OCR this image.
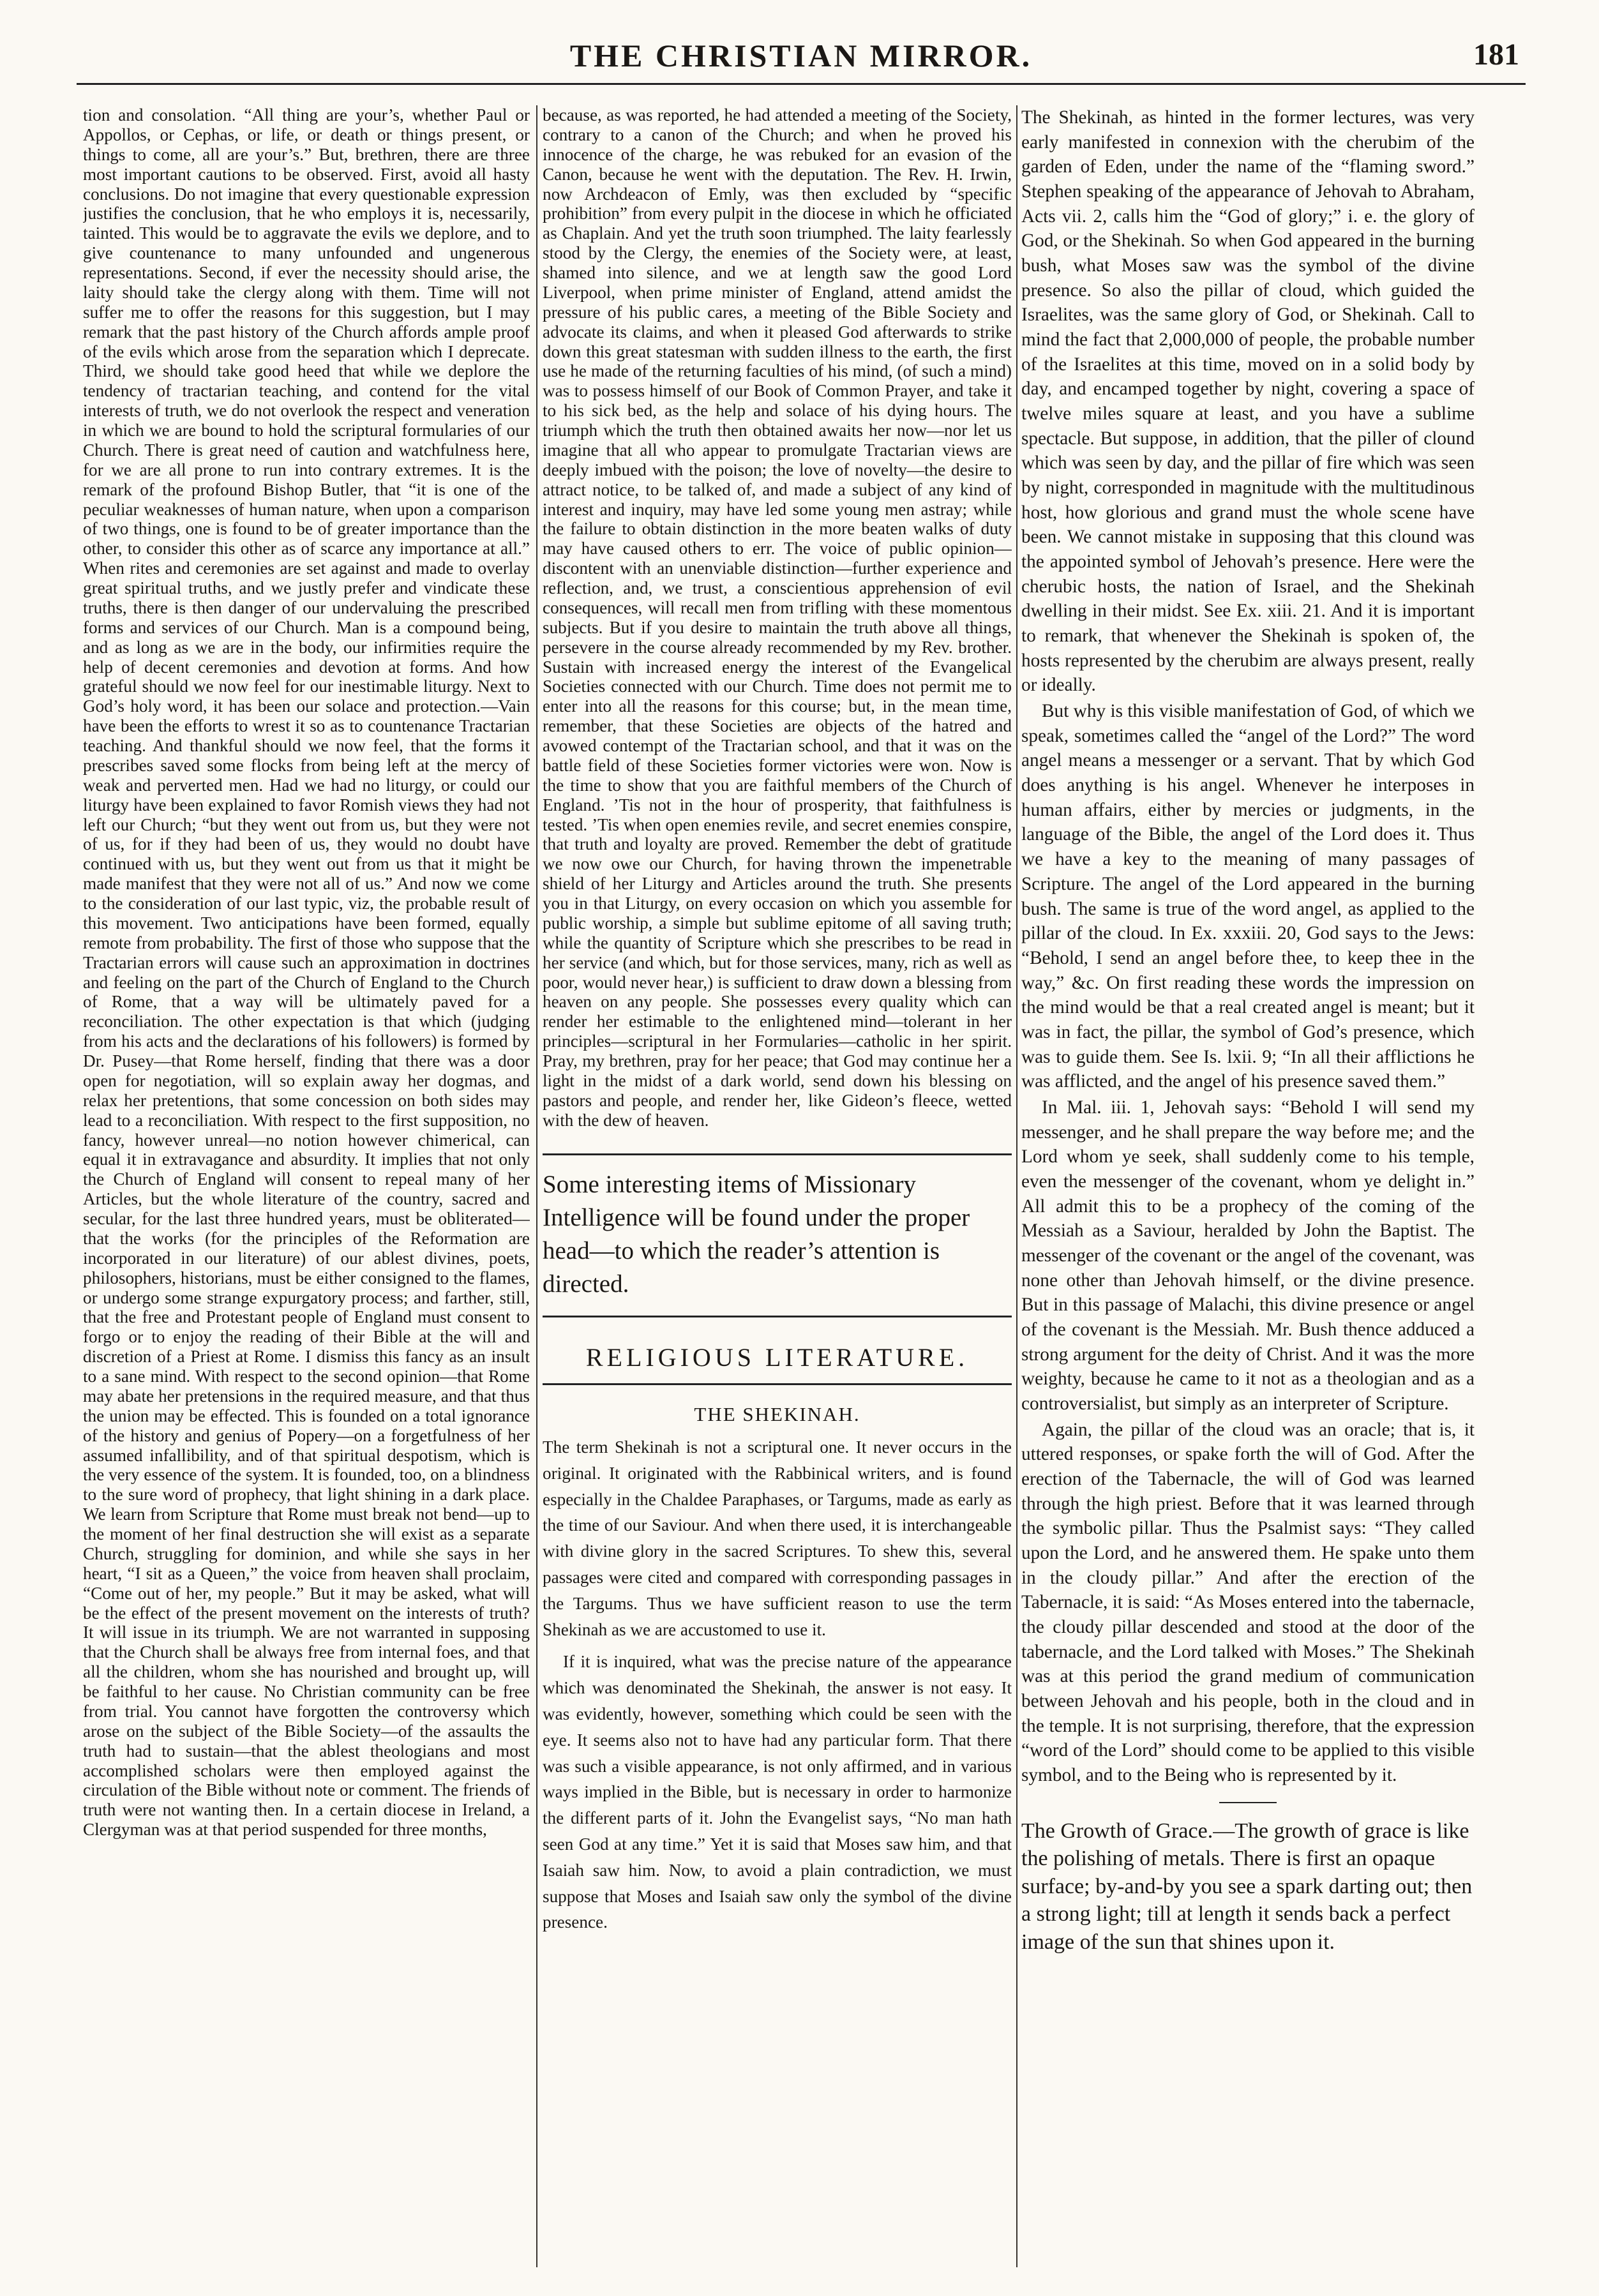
THE CHRISTIAN MIRROR.	181

tion and consolation. “All thing are your’s, whether Paul or Appollos, or Cephas, or life, or death or things present, or things to come, all are your’s.” But, brethren, there are three most important cautions to be observed. First, avoid all hasty conclusions. Do not imagine that every questionable expression justifies the conclusion, that he who employs it is, necessarily, tainted. This would be to aggravate the evils we deplore, and to give countenance to many unfounded and ungenerous representations. Second, if ever the necessity should arise, the laity should take the clergy along with them. Time will not suffer me to offer the reasons for this suggestion, but I may remark that the past history of the Church affords ample proof of the evils which arose from the separation which I deprecate. Third, we should take good heed that while we deplore the tendency of tractarian teaching, and contend for the vital interests of truth, we do not overlook the respect and veneration in which we are bound to hold the scriptural formularies of our Church. There is great need of caution and watchfulness here, for we are all prone to run into contrary extremes. It is the remark of the profound Bishop Butler, that “it is one of the peculiar weaknesses of human nature, when upon a comparison of two things, one is found to be of greater importance than the other, to consider this other as of scarce any importance at all.” When rites and ceremonies are set against and made to overlay great spiritual truths, and we justly prefer and vindicate these truths, there is then danger of our undervaluing the prescribed forms and services of our Church. Man is a compound being, and as long as we are in the body, our infirmities require the help of decent ceremonies and devotion at forms. And how grateful should we now feel for our inestimable liturgy. Next to God’s holy word, it has been our solace and protection.—Vain have been the efforts to wrest it so as to countenance Tractarian teaching. And thankful should we now feel, that the forms it prescribes saved some flocks from being left at the mercy of weak and perverted men. Had we had no liturgy, or could our liturgy have been explained to favor Romish views they had not left our Church; “but they went out from us, but they were not of us, for if they had been of us, they would no doubt have continued with us, but they went out from us that it might be made manifest that they were not all of us.” And now we come to the consideration of our last typic, viz, the probable result of this movement. Two anticipations have been formed, equally remote from probability. The first of those who suppose that the Tractarian errors will cause such an approximation in doctrines and feeling on the part of the Church of England to the Church of Rome, that a way will be ultimately paved for a reconciliation. The other expectation is that which (judging from his acts and the declarations of his followers) is formed by Dr. Pusey—that Rome herself, finding that there was a door open for negotiation, will so explain away her dogmas, and relax her pretentions, that some concession on both sides may lead to a reconciliation. With respect to the first supposition, no fancy, however unreal—no notion however chimerical, can equal it in extravagance and absurdity. It implies that not only the Church of England will consent to repeal many of her Articles, but the whole literature of the country, sacred and secular, for the last three hundred years, must be obliterated—that the works (for the principles of the Reformation are incorporated in our literature) of our ablest divines, poets, philosophers, historians, must be either consigned to the flames, or undergo some strange expurgatory process; and farther, still, that the free and Protestant people of England must consent to forgo or to enjoy the reading of their Bible at the will and discretion of a Priest at Rome. I dismiss this fancy as an insult to a sane mind. With respect to the second opinion—that Rome may abate her pretensions in the required measure, and that thus the union may be effected. This is founded on a total ignorance of the history and genius of Popery—on a forgetfulness of her assumed infallibility, and of that spiritual despotism, which is the very essence of the system. It is founded, too, on a blindness to the sure word of prophecy, that light shining in a dark place. We learn from Scripture that Rome must break not bend—up to the moment of her final destruction she will exist as a separate Church, struggling for dominion, and while she says in her heart, “I sit as a Queen,” the voice from heaven shall proclaim, “Come out of her, my people.” But it may be asked, what will be the effect of the present movement on the interests of truth? It will issue in its triumph. We are not warranted in supposing that the Church shall be always free from internal foes, and that all the children, whom she has nourished and brought up, will be faithful to her cause. No Christian community can be free from trial. You cannot have forgotten the controversy which arose on the subject of the Bible Society—of the assaults the truth had to sustain—that the ablest theologians and most accomplished scholars were then employed against the circulation of the Bible without note or comment. The friends of truth were not wanting then. In a certain diocese in Ireland, a Clergyman was at that period suspended for three months,

because, as was reported, he had attended a meeting of the Society, contrary to a canon of the Church; and when he proved his innocence of the charge, he was rebuked for an evasion of the Canon, because he went with the deputation. The Rev. H. Irwin, now Archdeacon of Emly, was then excluded by “specific prohibition” from every pulpit in the diocese in which he officiated as Chaplain. And yet the truth soon triumphed. The laity fearlessly stood by the Clergy, the enemies of the Society were, at least, shamed into silence, and we at length saw the good Lord Liverpool, when prime minister of England, attend amidst the pressure of his public cares, a meeting of the Bible Society and advocate its claims, and when it pleased God afterwards to strike down this great statesman with sudden illness to the earth, the first use he made of the returning faculties of his mind, (of such a mind) was to possess himself of our Book of Common Prayer, and take it to his sick bed, as the help and solace of his dying hours. The triumph which the truth then obtained awaits her now—nor let us imagine that all who appear to promulgate Tractarian views are deeply imbued with the poison; the love of novelty—the desire to attract notice, to be talked of, and made a subject of any kind of interest and inquiry, may have led some young men astray; while the failure to obtain distinction in the more beaten walks of duty may have caused others to err. The voice of public opinion—discontent with an unenviable distinction—further experience and reflection, and, we trust, a conscientious apprehension of evil consequences, will recall men from trifling with these momentous subjects. But if you desire to maintain the truth above all things, persevere in the course already recommended by my Rev. brother. Sustain with increased energy the interest of the Evangelical Societies connected with our Church. Time does not permit me to enter into all the reasons for this course; but, in the mean time, remember, that these Societies are objects of the hatred and avowed contempt of the Tractarian school, and that it was on the battle field of these Societies former victories were won. Now is the time to show that you are faithful members of the Church of England. ’Tis not in the hour of prosperity, that faithfulness is tested. ’Tis when open enemies revile, and secret enemies conspire, that truth and loyalty are proved. Remember the debt of gratitude we now owe our Church, for having thrown the impenetrable shield of her Liturgy and Articles around the truth. She presents you in that Liturgy, on every occasion on which you assemble for public worship, a simple but sublime epitome of all saving truth; while the quantity of Scripture which she prescribes to be read in her service (and which, but for those services, many, rich as well as poor, would never hear,) is sufficient to draw down a blessing from heaven on any people. She possesses every quality which can render her estimable to the enlightened mind—tolerant in her principles—scriptural in her Formularies—catholic in her spirit. Pray, my brethren, pray for her peace; that God may continue her a light in the midst of a dark world, send down his blessing on pastors and people, and render her, like Gideon’s fleece, wetted with the dew of heaven.

Some interesting items of Missionary Intelligence will be found under the proper head—to which the reader’s attention is directed.
RELIGIOUS LITERATURE.
THE SHEKINAH.

The term Shekinah is not a scriptural one. It never occurs in the original. It originated with the Rabbinical writers, and is found especially in the Chaldee Paraphases, or Targums, made as early as the time of our Saviour. And when there used, it is interchangeable with divine glory in the sacred Scriptures. To shew this, several passages were cited and compared with corresponding passages in the Targums. Thus we have sufficient reason to use the term Shekinah as we are accustomed to use it.

If it is inquired, what was the precise nature of the appearance which was denominated the Shekinah, the answer is not easy. It was evidently, however, something which could be seen with the eye. It seems also not to have had any particular form. That there was such a visible appearance, is not only affirmed, and in various ways implied in the Bible, but is necessary in order to harmonize the different parts of it. John the Evangelist says, “No man hath seen God at any time.” Yet it is said that Moses saw him, and that Isaiah saw him. Now, to avoid a plain contradiction, we must suppose that Moses and Isaiah saw only the symbol of the divine presence.

The Shekinah, as hinted in the former lectures, was very early manifested in connexion with the cherubim of the garden of Eden, under the name of the “flaming sword.” Stephen speaking of the appearance of Jehovah to Abraham, Acts vii. 2, calls him the “God of glory;” i. e. the glory of God, or the Shekinah. So when God appeared in the burning bush, what Moses saw was the symbol of the divine presence. So also the pillar of cloud, which guided the Israelites, was the same glory of God, or Shekinah. Call to mind the fact that 2,000,000 of people, the probable number of the Israelites at this time, moved on in a solid body by day, and encamped together by night, covering a space of twelve miles square at least, and you have a sublime spectacle. But suppose, in addition, that the piller of clound which was seen by day, and the pillar of fire which was seen by night, corresponded in magnitude with the multitudinous host, how glorious and grand must the whole scene have been. We cannot mistake in supposing that this clound was the appointed symbol of Jehovah’s presence. Here were the cherubic hosts, the nation of Israel, and the Shekinah dwelling in their midst. See Ex. xiii. 21. And it is important to remark, that whenever the Shekinah is spoken of, the hosts represented by the cherubim are always present, really or ideally.

But why is this visible manifestation of God, of which we speak, sometimes called the “angel of the Lord?” The word angel means a messenger or a servant. That by which God does anything is his angel. Whenever he interposes in human affairs, either by mercies or judgments, in the language of the Bible, the angel of the Lord does it. Thus we have a key to the meaning of many passages of Scripture. The angel of the Lord appeared in the burning bush. The same is true of the word angel, as applied to the pillar of the cloud. In Ex. xxxiii. 20, God says to the Jews: “Behold, I send an angel before thee, to keep thee in the way,” &c. On first reading these words the impression on the mind would be that a real created angel is meant; but it was in fact, the pillar, the symbol of God’s presence, which was to guide them. See Is. lxii. 9; “In all their afflictions he was afflicted, and the angel of his presence saved them.”

In Mal. iii. 1, Jehovah says: “Behold I will send my messenger, and he shall prepare the way before me; and the Lord whom ye seek, shall suddenly come to his temple, even the messenger of the covenant, whom ye delight in.” All admit this to be a prophecy of the coming of the Messiah as a Saviour, heralded by John the Baptist. The messenger of the covenant or the angel of the covenant, was none other than Jehovah himself, or the divine presence. But in this passage of Malachi, this divine presence or angel of the covenant is the Messiah. Mr. Bush thence adduced a strong argument for the deity of Christ. And it was the more weighty, because he came to it not as a theologian and as a controversialist, but simply as an interpreter of Scripture.

Again, the pillar of the cloud was an oracle; that is, it uttered responses, or spake forth the will of God. After the erection of the Tabernacle, the will of God was learned through the high priest. Before that it was learned through the symbolic pillar. Thus the Psalmist says: “They called upon the Lord, and he answered them. He spake unto them in the cloudy pillar.” And after the erection of the Tabernacle, it is said: “As Moses entered into the tabernacle, the cloudy pillar descended and stood at the door of the tabernacle, and the Lord talked with Moses.” The Shekinah was at this period the grand medium of communication between Jehovah and his people, both in the cloud and in the temple. It is not surprising, therefore, that the expression “word of the Lord” should come to be applied to this visible symbol, and to the Being who is represented by it.

The Growth of Grace.—The growth of grace is like the polishing of metals. There is first an opaque surface; by-and-by you see a spark darting out; then a strong light; till at length it sends back a perfect image of the sun that shines upon it.
